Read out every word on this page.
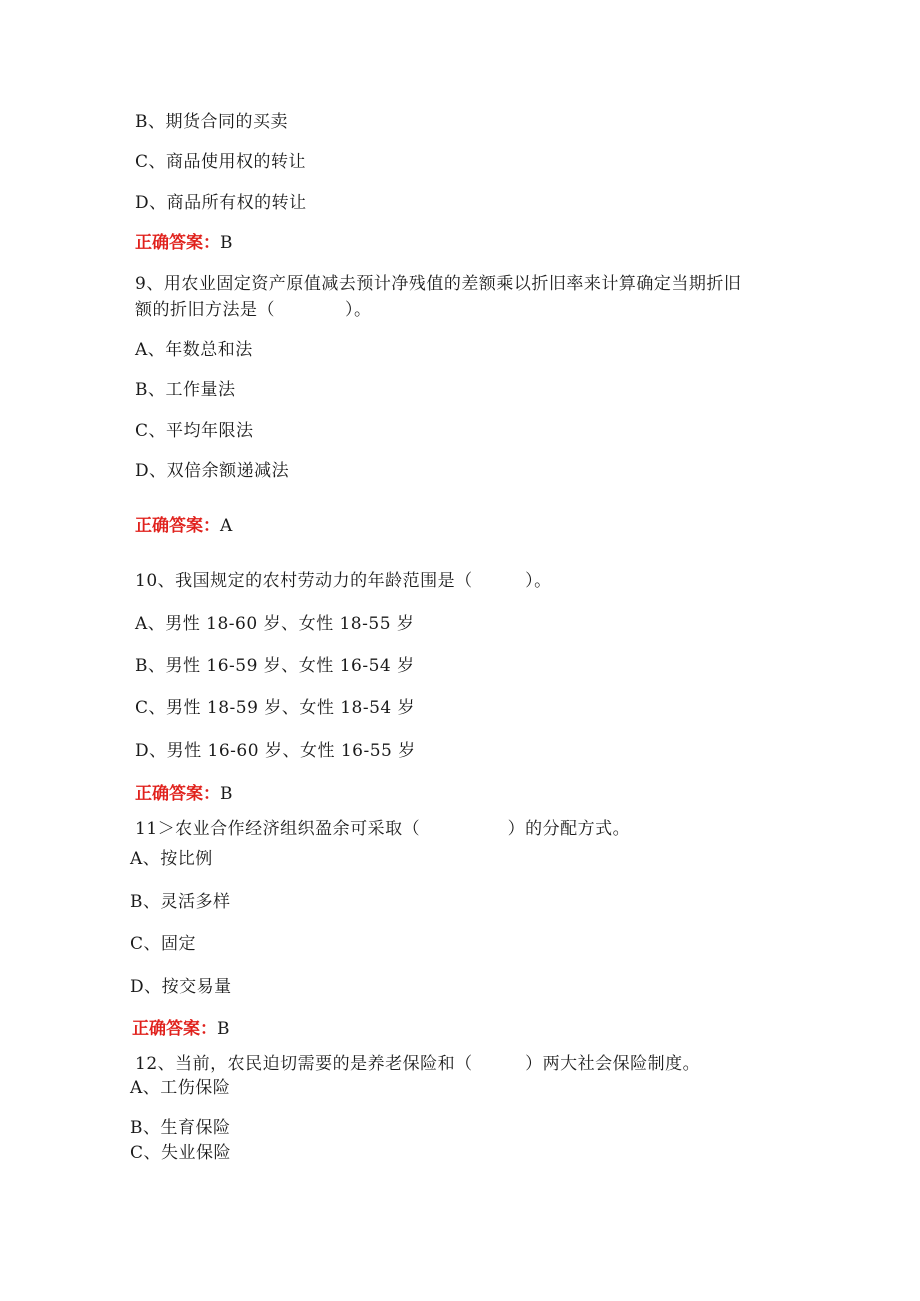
B、期货合同的买卖
C、商品使用权的转让
D、商品所有权的转让
正确答案：B
9、用农业固定资产原值减去预计净残值的差额乘以折旧率来计算确定当期折旧
额的折旧方法是（　　　　）。
A、年数总和法
B、工作量法
C、平均年限法
D、双倍余额递减法
正确答案：A
10、我国规定的农村劳动力的年龄范围是（　　　）。
A、男性 18-60 岁、女性 18-55 岁
B、男性 16-59 岁、女性 16-54 岁
C、男性 18-59 岁、女性 18-54 岁
D、男性 16-60 岁、女性 16-55 岁
正确答案：B
11＞农业合作经济组织盈余可采取（　　　　　）的分配方式。
A、按比例
B、灵活多样
C、固定
D、按交易量
正确答案：B
12、当前，农民迫切需要的是养老保险和（　　　）两大社会保险制度。
A、工伤保险
B、生育保险
C、失业保险
